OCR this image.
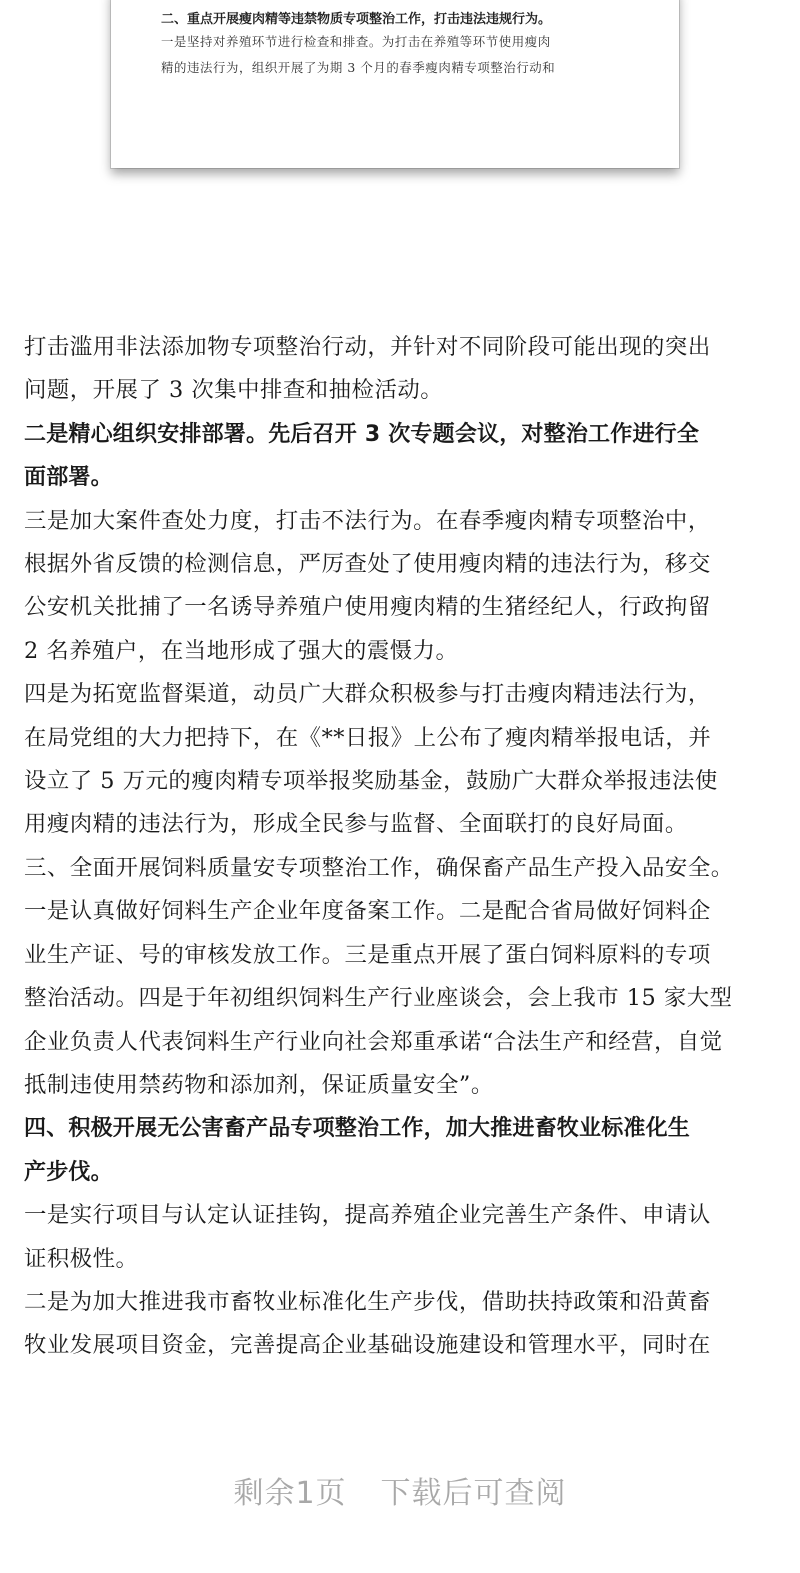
二、重点开展瘦肉精等违禁物质专项整治工作，打击违法违规行为。
一是坚持对养殖环节进行检查和排查。为打击在养殖等环节使用瘦肉
精的违法行为，组织开展了为期 3 个月的春季瘦肉精专项整治行动和

打击滥用非法添加物专项整治行动，并针对不同阶段可能出现的突出

问题，开展了 3 次集中排查和抽检活动。

二是精心组织安排部署。先后召开 3 次专题会议，对整治工作进行全

面部署。

三是加大案件查处力度，打击不法行为。在春季瘦肉精专项整治中，

根据外省反馈的检测信息，严厉查处了使用瘦肉精的违法行为，移交

公安机关批捕了一名诱导养殖户使用瘦肉精的生猪经纪人，行政拘留

2 名养殖户，在当地形成了强大的震慑力。

四是为拓宽监督渠道，动员广大群众积极参与打击瘦肉精违法行为，

在局党组的大力把持下，在《**日报》上公布了瘦肉精举报电话，并

设立了 5 万元的瘦肉精专项举报奖励基金，鼓励广大群众举报违法使

用瘦肉精的违法行为，形成全民参与监督、全面联打的良好局面。

三、全面开展饲料质量安专项整治工作，确保畜产品生产投入品安全。

一是认真做好饲料生产企业年度备案工作。二是配合省局做好饲料企

业生产证、号的审核发放工作。三是重点开展了蛋白饲料原料的专项

整治活动。四是于年初组织饲料生产行业座谈会，会上我市 15 家大型

企业负责人代表饲料生产行业向社会郑重承诺“合法生产和经营，自觉

抵制违使用禁药物和添加剂，保证质量安全”。

四、积极开展无公害畜产品专项整治工作，加大推进畜牧业标准化生

产步伐。

一是实行项目与认定认证挂钩，提高养殖企业完善生产条件、申请认

证积极性。

二是为加大推进我市畜牧业标准化生产步伐，借助扶持政策和沿黄畜

牧业发展项目资金，完善提高企业基础设施建设和管理水平，同时在

剩余1页 下载后可查阅
